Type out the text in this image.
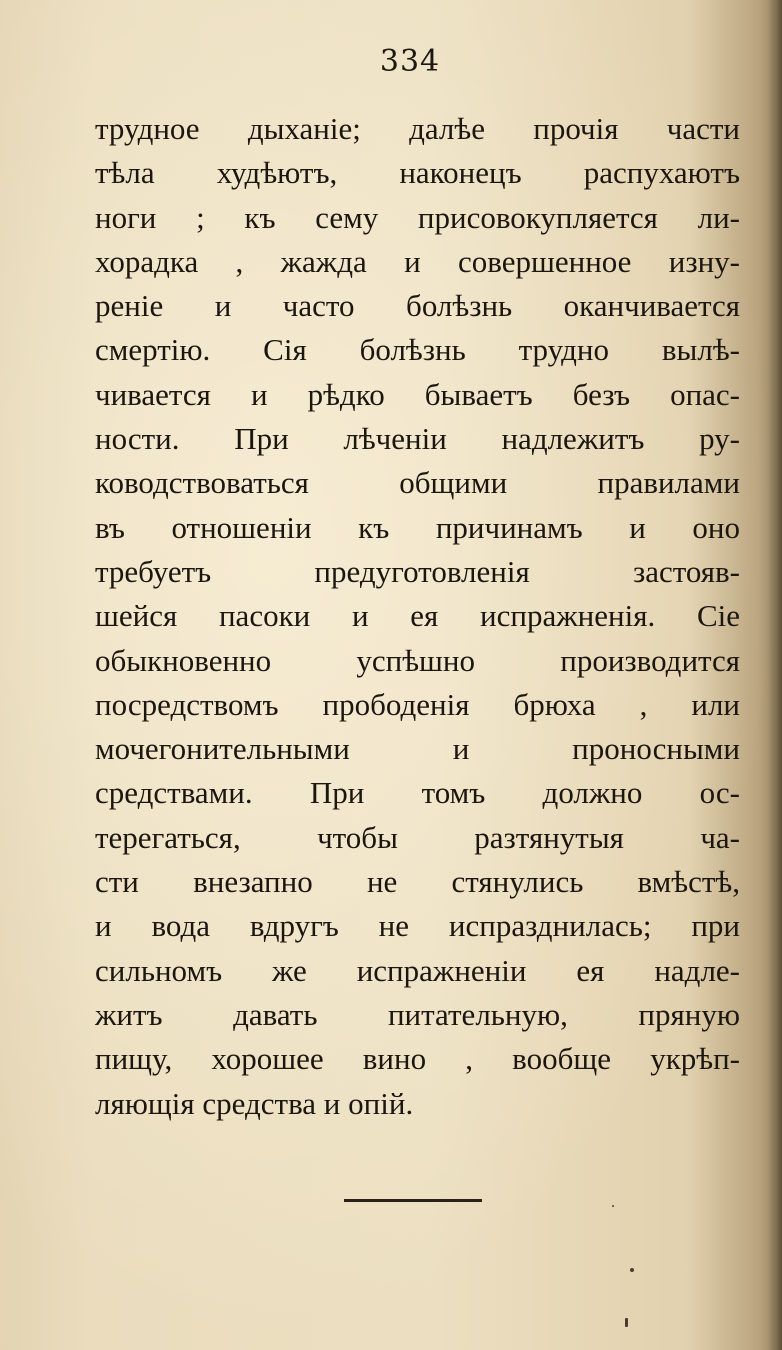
334
трудное дыханіе; далѣе прочія части
тѣла худѣютъ, наконецъ распухаютъ
ноги ; къ сему присовокупляется ли-
хорадка , жажда и совершенное изну-
реніе и часто болѣзнь оканчивается
смертію. Сія болѣзнь трудно вылѣ-
чивается и рѣдко бываетъ безъ опас-
ности. При лѣченіи надлежитъ ру-
ководствоваться общими правилами
въ отношеніи къ причинамъ и оно
требуетъ предуготовленія застояв-
шейся пасоки и ея испражненія. Сіе
обыкновенно успѣшно производится
посредствомъ прободенія брюха , или
мочегонительными и проносными
средствами. При томъ должно ос-
терегаться, чтобы разтянутыя ча-
сти внезапно не стянулись вмѣстѣ,
и вода вдругъ не испразднилась; при
сильномъ же испражненіи ея надле-
житъ давать питательную, пряную
пищу, хорошее вино , вообще укрѣп-
ляющія средства и опій.
